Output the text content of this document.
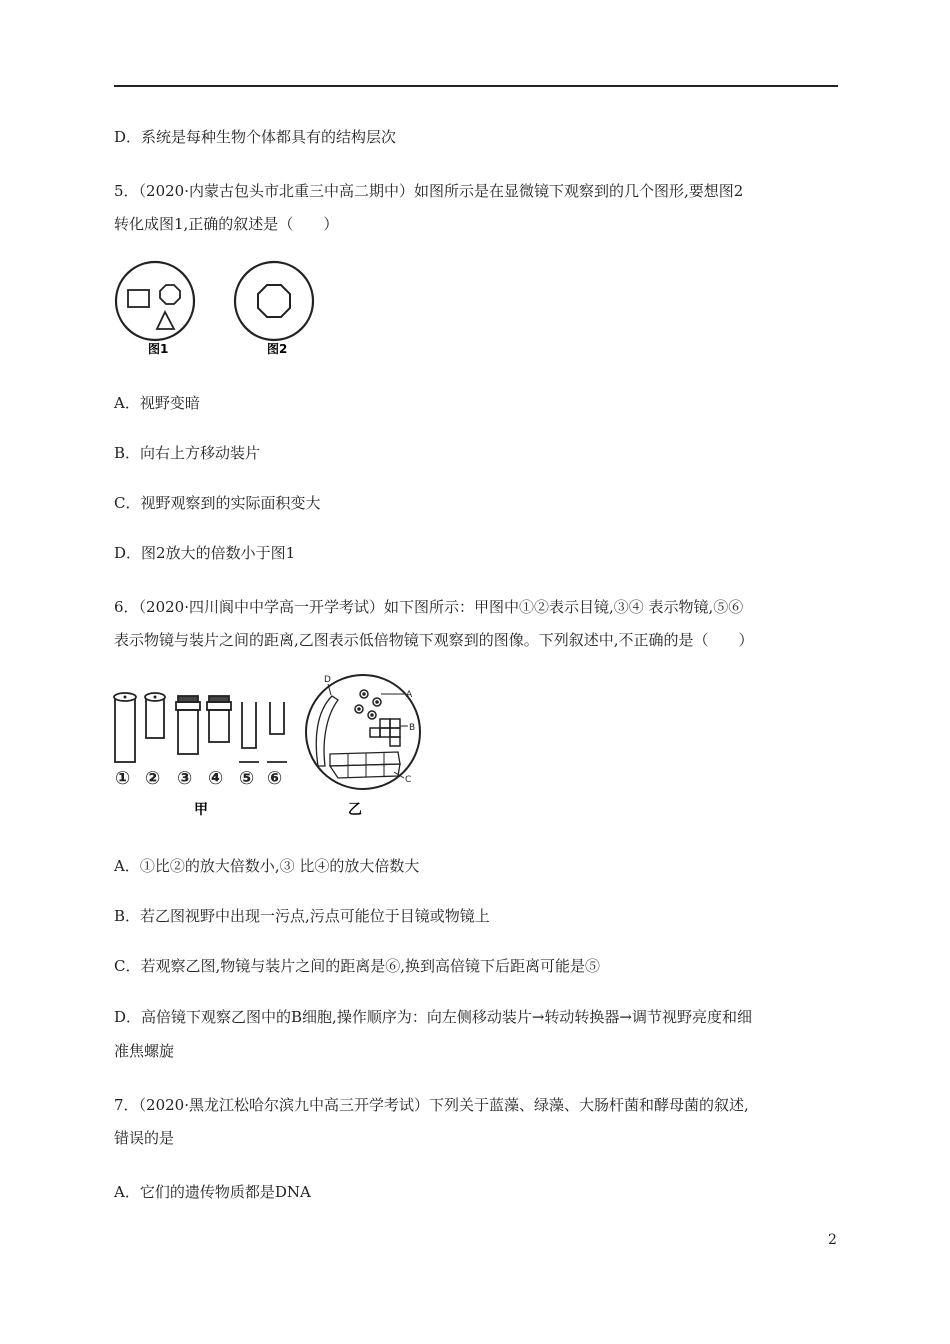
D．系统是每种生物个体都具有的结构层次
5．（2020·内蒙古包头市北重三中高二期中）如图所示是在显微镜下观察到的几个图形,要想图2
转化成图1,正确的叙述是（　　）
图1	图2
A．视野变暗
B．向右上方移动装片
C．视野观察到的实际面积变大
D．图2放大的倍数小于图1
6．（2020·四川阆中中学高一开学考试）如下图所示：甲图中①②表示目镜,③④ 表示物镜,⑤⑥
表示物镜与装片之间的距离,乙图表示低倍物镜下观察到的图像。下列叙述中,不正确的是（　　）
① ② ③ ④ ⑤ ⑥
甲
D
A
B
C
乙
A．①比②的放大倍数小,③ 比④的放大倍数大
B．若乙图视野中出现一污点,污点可能位于目镜或物镜上
C．若观察乙图,物镜与装片之间的距离是⑥,换到高倍镜下后距离可能是⑤
D．高倍镜下观察乙图中的B细胞,操作顺序为：向左侧移动装片→转动转换器→调节视野亮度和细
准焦螺旋
7．（2020·黑龙江松哈尔滨九中高三开学考试）下列关于蓝藻、绿藻、大肠杆菌和酵母菌的叙述,
错误的是
A．它们的遗传物质都是DNA
2
